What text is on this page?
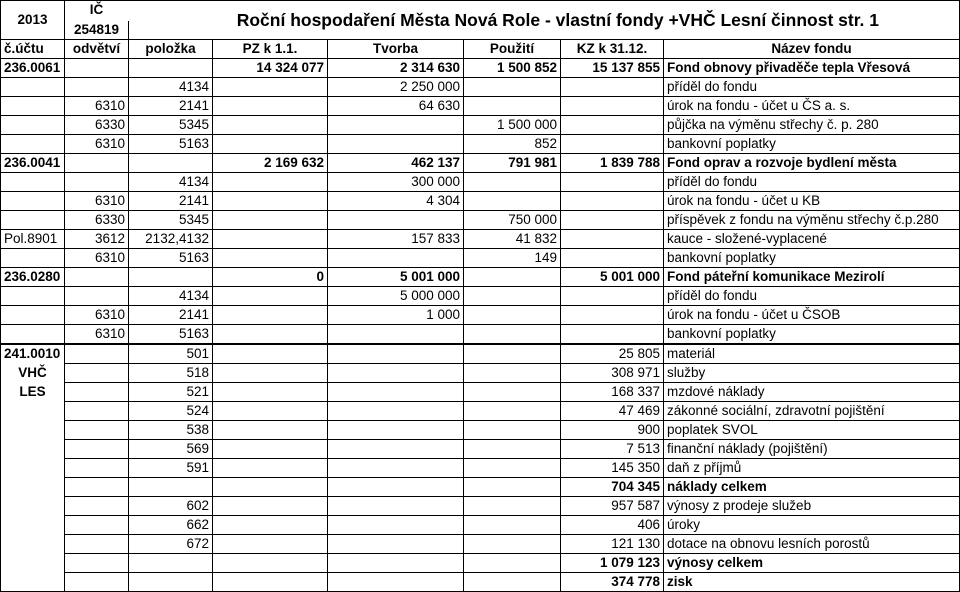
2013	IČ	Roční hospodaření Města Nová Role - vlastní fondy +VHČ Lesní činnost str. 1					
	254819						
č.účtu	odvětví	položka	PZ k 1.1.	Tvorba	Použití	KZ k 31.12.	Název fondu
236.0061			14 324 077	2 314 630	1 500 852	15 137 855	Fond obnovy přivaděče tepla Vřesová
		4134		2 250 000			příděl do fondu
	6310	2141		64 630			úrok na fondu - účet u ČS a. s.
	6330	5345			1 500 000		půjčka na výměnu střechy č. p. 280
	6310	5163			852		bankovní poplatky
236.0041			2 169 632	462 137	791 981	1 839 788	Fond oprav a rozvoje bydlení města
		4134		300 000			příděl do fondu
	6310	2141		4 304			úrok na fondu - účet u KB
	6330	5345			750 000		příspěvek z fondu na výměnu střechy č.p.280
Pol.8901	3612	2132,4132		157 833	41 832		kauce - složené-vyplacené
	6310	5163			149		bankovní poplatky
236.0280			0	5 001 000		5 001 000	Fond páteřní komunikace Mezirolí
		4134		5 000 000			příděl do fondu
	6310	2141		1 000			úrok na fondu - účet u ČSOB
	6310	5163					bankovní poplatky
241.0010		501				25 805	materiál
VHČ		518				308 971	služby
LES		521				168 337	mzdové náklady
		524				47 469	zákonné sociální, zdravotní pojištění
		538				900	poplatek SVOL
		569				7 513	finanční náklady (pojištění)
		591				145 350	daň z příjmů
						704 345	náklady celkem
		602				957 587	výnosy z prodeje služeb
		662				406	úroky
		672				121 130	dotace na obnovu lesních porostů
						1 079 123	výnosy celkem
						374 778	zisk
